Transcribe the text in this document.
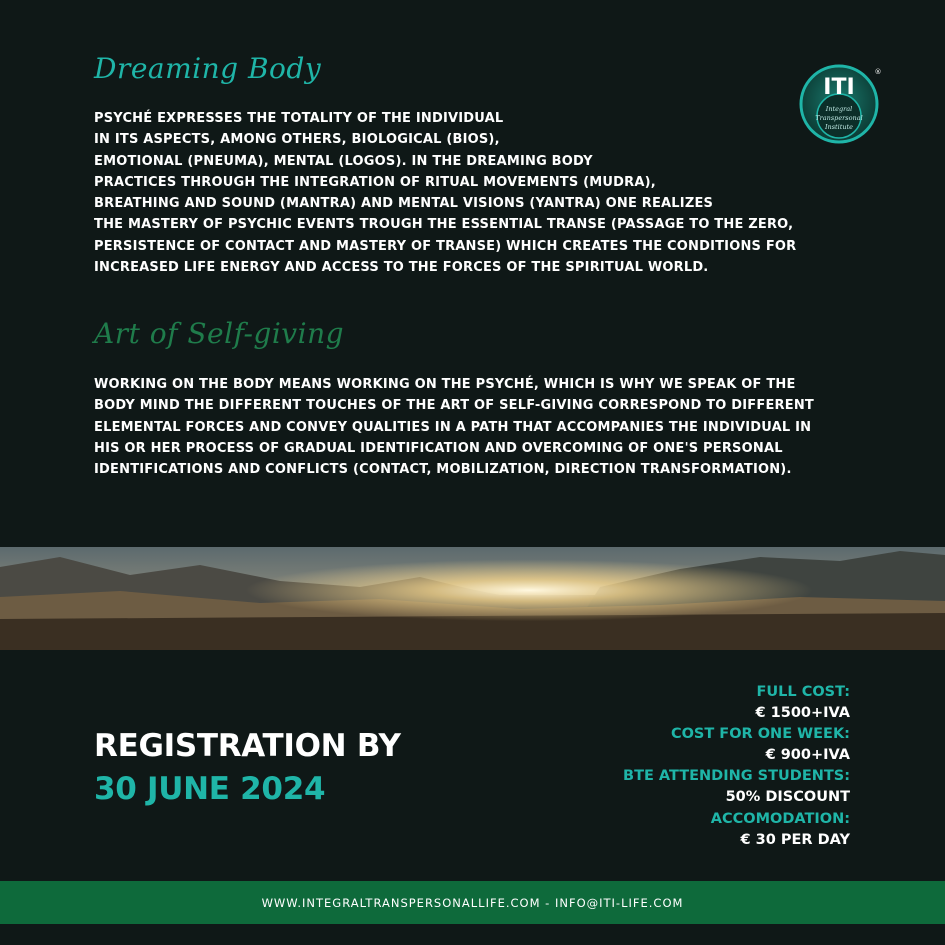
Dreaming Body
PSYCHÉ EXPRESSES THE TOTALITY OF THE INDIVIDUAL
IN ITS ASPECTS, AMONG OTHERS, BIOLOGICAL (BIOS),
EMOTIONAL (PNEUMA), MENTAL (LOGOS). IN THE DREAMING BODY
PRACTICES THROUGH THE INTEGRATION OF RITUAL MOVEMENTS (MUDRA),
BREATHING AND SOUND (MANTRA) AND MENTAL VISIONS (YANTRA) ONE REALIZES
THE MASTERY OF PSYCHIC EVENTS TROUGH THE ESSENTIAL TRANSE (PASSAGE TO THE ZERO,
PERSISTENCE OF CONTACT AND MASTERY OF TRANSE) WHICH CREATES THE CONDITIONS FOR
INCREASED LIFE ENERGY AND ACCESS TO THE FORCES OF THE SPIRITUAL WORLD.
ITI
®
Integral
Transpersonal
Institute
Art of Self-giving
WORKING ON THE BODY MEANS WORKING ON THE PSYCHÉ, WHICH IS WHY WE SPEAK OF THE
BODY MIND THE DIFFERENT TOUCHES OF THE ART OF SELF-GIVING CORRESPOND TO DIFFERENT
ELEMENTAL FORCES AND CONVEY QUALITIES IN A PATH THAT ACCOMPANIES THE INDIVIDUAL IN
HIS OR HER PROCESS OF GRADUAL IDENTIFICATION AND OVERCOMING OF ONE'S PERSONAL
IDENTIFICATIONS AND CONFLICTS (CONTACT, MOBILIZATION, DIRECTION TRANSFORMATION).
REGISTRATION BY
30 JUNE 2024
FULL COST:
€ 1500+IVA
COST FOR ONE WEEK:
€ 900+IVA
BTE ATTENDING STUDENTS:
50% DISCOUNT
ACCOMODATION:
€ 30 PER DAY
WWW.INTEGRALTRANSPERSONALLIFE.COM - INFO@ITI-LIFE.COM
